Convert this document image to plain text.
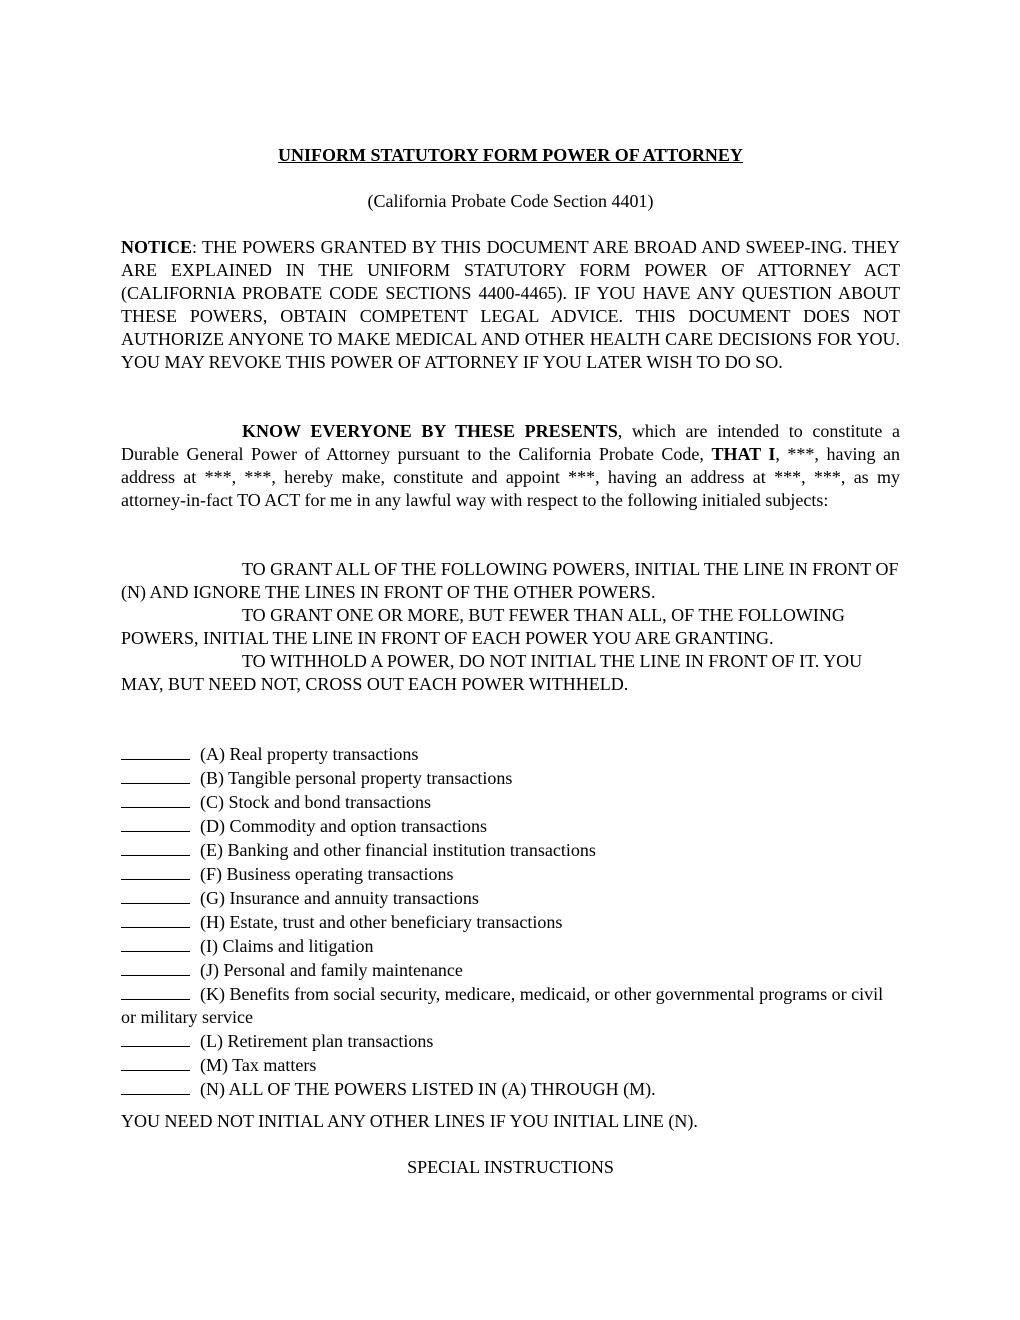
UNIFORM STATUTORY FORM POWER OF ATTORNEY
(California Probate Code Section 4401)
NOTICE: THE POWERS GRANTED BY THIS DOCUMENT ARE BROAD AND SWEEP-ING. THEY ARE EXPLAINED IN THE UNIFORM STATUTORY FORM POWER OF ATTORNEY ACT (CALIFORNIA PROBATE CODE SECTIONS 4400-4465). IF YOU HAVE ANY QUESTION ABOUT THESE POWERS, OBTAIN COMPETENT LEGAL ADVICE. THIS DOCUMENT DOES NOT AUTHORIZE ANYONE TO MAKE MEDICAL AND OTHER HEALTH CARE DECISIONS FOR YOU. YOU MAY REVOKE THIS POWER OF ATTORNEY IF YOU LATER WISH TO DO SO.
KNOW EVERYONE BY THESE PRESENTS, which are intended to constitute a Durable General Power of Attorney pursuant to the California Probate Code, THAT I, ***, having an address at ***, ***, hereby make, constitute and appoint ***, having an address at ***, ***, as my attorney-in-fact TO ACT for me in any lawful way with respect to the following initialed subjects:
TO GRANT ALL OF THE FOLLOWING POWERS, INITIAL THE LINE IN FRONT OF (N) AND IGNORE THE LINES IN FRONT OF THE OTHER POWERS.
TO GRANT ONE OR MORE, BUT FEWER THAN ALL, OF THE FOLLOWING POWERS, INITIAL THE LINE IN FRONT OF EACH POWER YOU ARE GRANTING.
TO WITHHOLD A POWER, DO NOT INITIAL THE LINE IN FRONT OF IT. YOU MAY, BUT NEED NOT, CROSS OUT EACH POWER WITHHELD.
(A) Real property transactions
(B) Tangible personal property transactions
(C) Stock and bond transactions
(D) Commodity and option transactions
(E) Banking and other financial institution transactions
(F) Business operating transactions
(G) Insurance and annuity transactions
(H) Estate, trust and other beneficiary transactions
(I) Claims and litigation
(J) Personal and family maintenance
(K) Benefits from social security, medicare, medicaid, or other governmental programs or civil or military service
(L) Retirement plan transactions
(M) Tax matters
(N) ALL OF THE POWERS LISTED IN (A) THROUGH (M).
YOU NEED NOT INITIAL ANY OTHER LINES IF YOU INITIAL LINE (N).
SPECIAL INSTRUCTIONS
